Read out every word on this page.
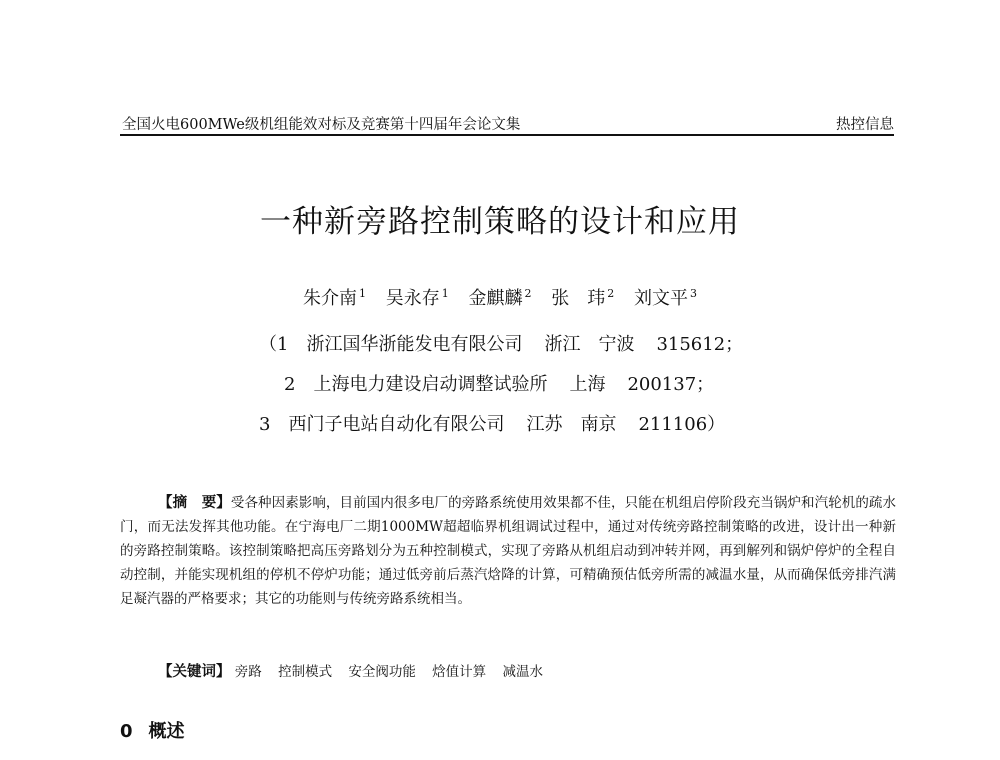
全国火电600MWe级机组能效对标及竞赛第十四届年会论文集	热控信息
一种新旁路控制策略的设计和应用
朱介南 $^1$ 吴永存 $^1$ 金麒麟 $^2$ 张　玮 $^2$ 刘文平 $^3$
（1　浙江国华浙能发电有限公司 浙江　宁波 315612；
2　上海电力建设启动调整试验所 上海 200137；
3　西门子电站自动化有限公司 江苏　南京 211106）
【摘　要】受各种因素影响，目前国内很多电厂的旁路系统使用效果都不佳，只能在机组启停阶段充当锅炉和汽轮机的疏水门，而无法发挥其他功能。在宁海电厂二期1000MW超超临界机组调试过程中，通过对传统旁路控制策略的改进，设计出一种新的旁路控制策略。该控制策略把高压旁路划分为五种控制模式，实现了旁路从机组启动到冲转并网，再到解列和锅炉停炉的全程自动控制，并能实现机组的停机不停炉功能；通过低旁前后蒸汽焓降的计算，可精确预估低旁所需的减温水量，从而确保低旁排汽满足凝汽器的严格要求；其它的功能则与传统旁路系统相当。
【关键词】 旁路 控制模式 安全阀功能 焓值计算 减温水
0 概述
